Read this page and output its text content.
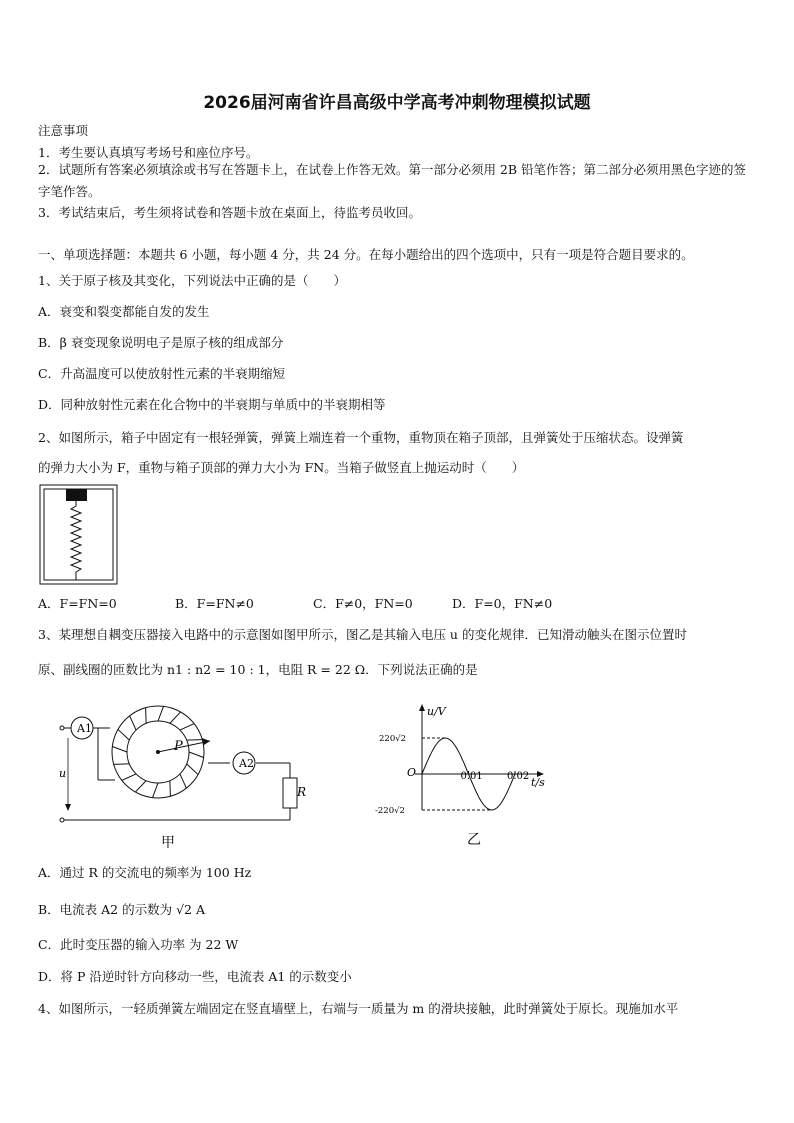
2026届河南省许昌高级中学高考冲刺物理模拟试题
注意事项
1．考生要认真填写考场号和座位序号。
2．试题所有答案必须填涂或书写在答题卡上，在试卷上作答无效。第一部分必须用 2B 铅笔作答；第二部分必须用黑色字迹的签字笔作答。
3．考试结束后，考生须将试卷和答题卡放在桌面上，待监考员收回。
一、单项选择题：本题共 6 小题，每小题 4 分，共 24 分。在每小题给出的四个选项中，只有一项是符合题目要求的。
1、关于原子核及其变化，下列说法中正确的是（　　）
A．衰变和裂变都能自发的发生
B．β 衰变现象说明电子是原子核的组成部分
C．升高温度可以使放射性元素的半衰期缩短
D．同种放射性元素在化合物中的半衰期与单质中的半衰期相等
2、如图所示，箱子中固定有一根轻弹簧，弹簧上端连着一个重物，重物顶在箱子顶部，且弹簧处于压缩状态。设弹簧
的弹力大小为 F，重物与箱子顶部的弹力大小为 FN。当箱子做竖直上抛运动时（　　）
A．F=FN=0	B．F=FN≠0	C．F≠0，FN=0	D．F=0，FN≠0
3、某理想自耦变压器接入电路中的示意图如图甲所示，图乙是其输入电压 u 的变化规律．已知滑动触头在图示位置时
原、副线圈的匝数比为 n1 : n2 = 10 : 1，电阻 R = 22 Ω．下列说法正确的是
A1
A2
P
u
R
甲
0.01 0.02
u/V
t/s
O
220√2
-220√2
乙
A．通过 R 的交流电的频率为 100 Hz
B．电流表 A2 的示数为 √2 A
C．此时变压器的输入功率 为 22 W
D．将 P 沿逆时针方向移动一些，电流表 A1 的示数变小
4、如图所示，一轻质弹簧左端固定在竖直墙壁上，右端与一质量为 m 的滑块接触，此时弹簧处于原长。现施加水平
